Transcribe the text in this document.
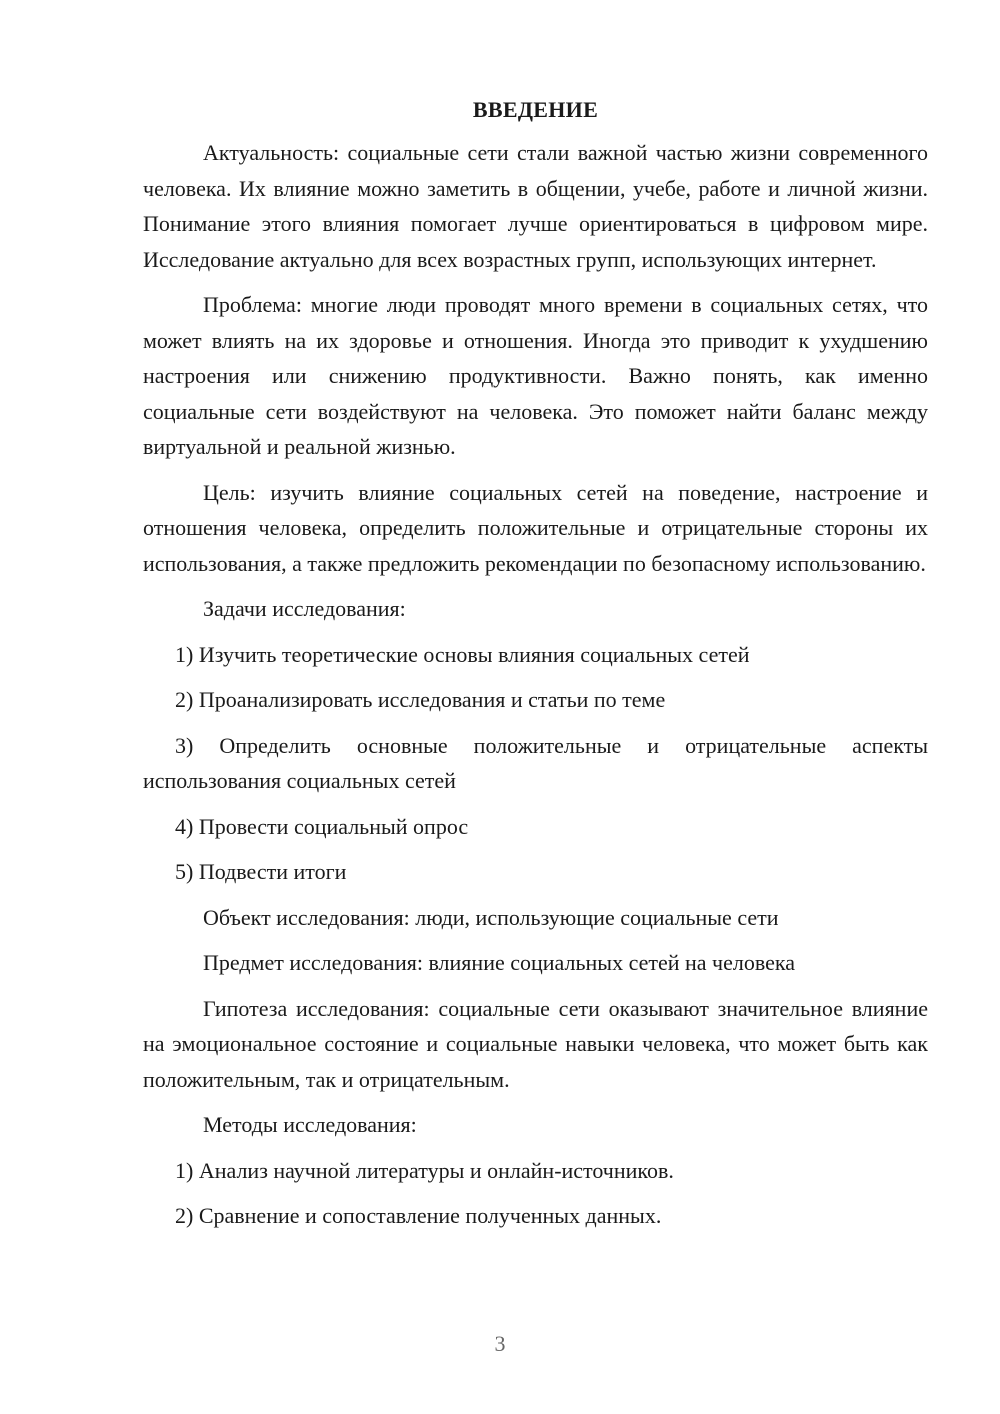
ВВЕДЕНИЕ

Актуальность: социальные сети стали важной частью жизни современного человека. Их влияние можно заметить в общении, учебе, работе и личной жизни. Понимание этого влияния помогает лучше ориентироваться в цифровом мире. Исследование актуально для всех возрастных групп, использующих интернет.

Проблема: многие люди проводят много времени в социальных сетях, что может влиять на их здоровье и отношения. Иногда это приводит к ухудшению настроения или снижению продуктивности. Важно понять, как именно социальные сети воздействуют на человека. Это поможет найти баланс между виртуальной и реальной жизнью.

Цель: изучить влияние социальных сетей на поведение, настроение и отношения человека, определить положительные и отрицательные стороны их использования, а также предложить рекомендации по безопасному использованию.

Задачи исследования:

1) Изучить теоретические основы влияния социальных сетей

2) Проанализировать исследования и статьи по теме

3) Определить основные положительные и отрицательные аспекты использования социальных сетей

4) Провести социальный опрос

5) Подвести итоги

Объект исследования: люди, использующие социальные сети

Предмет исследования: влияние социальных сетей на человека

Гипотеза исследования: социальные сети оказывают значительное влияние на эмоциональное состояние и социальные навыки человека, что может быть как положительным, так и отрицательным.

Методы исследования:

1) Анализ научной литературы и онлайн-источников.

2) Сравнение и сопоставление полученных данных.

3
